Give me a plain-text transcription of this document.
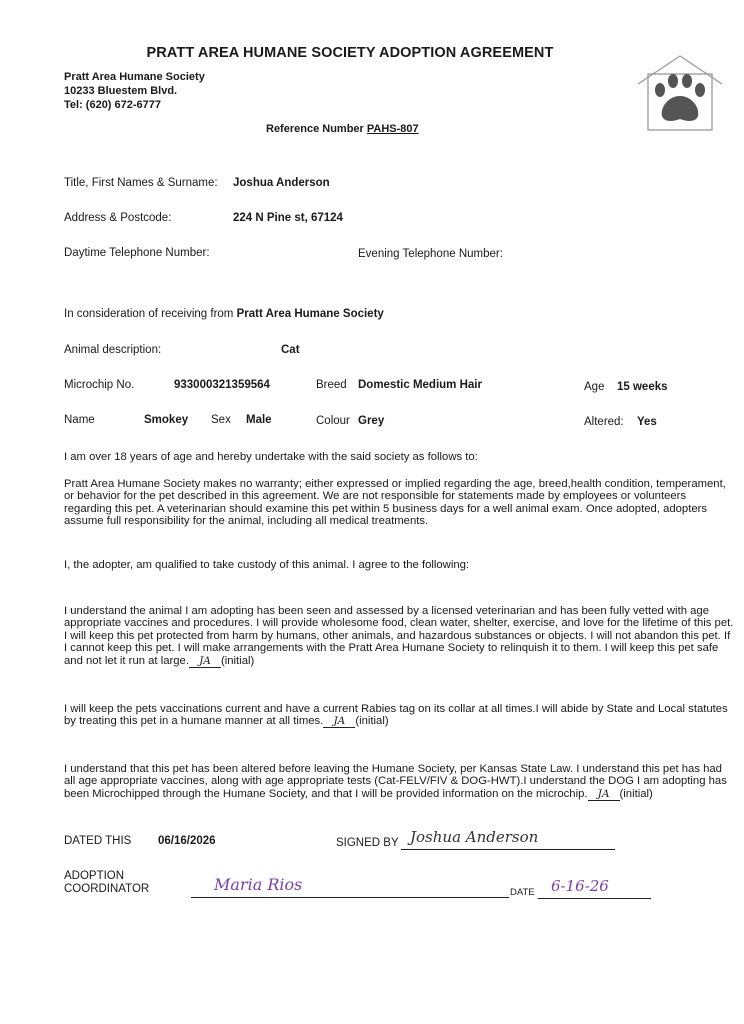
PRATT AREA HUMANE SOCIETY ADOPTION AGREEMENT
Pratt Area Humane Society
10233 Bluestem Blvd.
Tel: (620) 672-6777
Reference Number PAHS-807
Title, First Names & Surname: Joshua Anderson
Address & Postcode:	224 N Pine st, 67124
Daytime Telephone Number:	Evening Telephone Number:
In consideration of receiving from Pratt Area Humane Society
Animal description:	Cat
Microchip No.	933000321359564	Breed Domestic Medium Hair	Age 15 weeks
Name	Smokey Sex Male	Colour Grey	Altered: Yes
I am over 18 years of age and hereby undertake with the said society as follows to:
Pratt Area Humane Society makes no warranty; either expressed or implied regarding the age, breed,health condition, temperament, or behavior for the pet described in this agreement. We are not responsible for statements made by employees or volunteers regarding this pet. A veterinarian should examine this pet within 5 business days for a well animal exam. Once adopted, adopters assume full responsibility for the animal, including all medical treatments.
I, the adopter, am qualified to take custody of this animal. I agree to the following:
I understand the animal I am adopting has been seen and assessed by a licensed veterinarian and has been fully vetted with age appropriate vaccines and procedures. I will provide wholesome food, clean water, shelter, exercise, and love for the lifetime of this pet. I will keep this pet protected from harm by humans, other animals, and hazardous substances or objects. I will not abandon this pet. If I cannot keep this pet. I will make arrangements with the Pratt Area Humane Society to relinquish it to them. I will keep this pet safe and not let it run at large. JA (initial)
I will keep the pets vaccinations current and have a current Rabies tag on its collar at all times.I will abide by State and Local statutes by treating this pet in a humane manner at all times. JA (initial)
I understand that this pet has been altered before leaving the Humane Society, per Kansas State Law. I understand this pet has had all age appropriate vaccines, along with age appropriate tests (Cat-FELV/FIV & DOG-HWT).I understand the DOG I am adopting has been Microchipped through the Humane Society, and that I will be provided information on the microchip. JA (initial)
DATED THIS 06/16/2026	SIGNED BY Joshua Anderson
ADOPTION
COORDINATOR	Maria Rios	DATE 6-16-26
